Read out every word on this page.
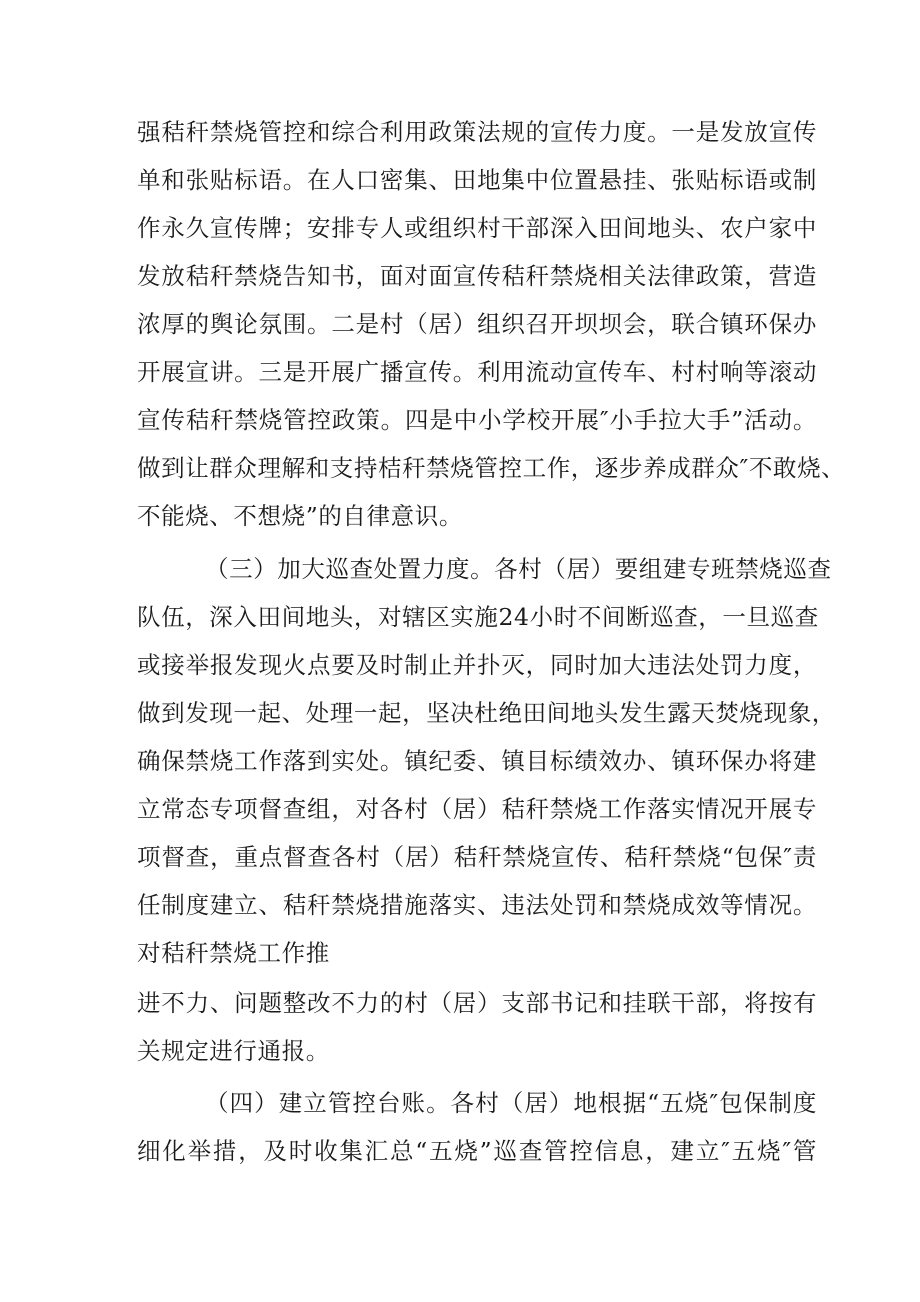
强秸秆禁烧管控和综合利用政策法规的宣传力度。一是发放宣传
单和张贴标语。在人口密集、田地集中位置悬挂、张贴标语或制
作永久宣传牌；安排专人或组织村干部深入田间地头、农户家中
发放秸秆禁烧告知书，面对面宣传秸秆禁烧相关法律政策，营造
浓厚的舆论氛围。二是村（居）组织召开坝坝会，联合镇环保办
开展宣讲。三是开展广播宣传。利用流动宣传车、村村响等滚动
宣传秸秆禁烧管控政策。四是中小学校开展″小手拉大手”活动。
做到让群众理解和支持桔秆禁烧管控工作，逐步养成群众″不敢烧、
不能烧、不想烧”的自律意识。
（三）加大巡查处置力度。各村（居）要组建专班禁烧巡查
队伍，深入田间地头，对辖区实施24小时不间断巡查，一旦巡查
或接举报发现火点要及时制止并扑灭，同时加大违法处罚力度，
做到发现一起、处理一起，坚决杜绝田间地头发生露天焚烧现象，
确保禁烧工作落到实处。镇纪委、镇目标绩效办、镇环保办将建
立常态专项督查组，对各村（居）秸秆禁烧工作落实情况开展专
项督查，重点督查各村（居）秸秆禁烧宣传、秸秆禁烧“包保″责
任制度建立、秸秆禁烧措施落实、违法处罚和禁烧成效等情况。
对秸秆禁烧工作推
进不力、问题整改不力的村（居）支部书记和挂联干部，将按有
关规定进行通报。
（四）建立管控台账。各村（居）地根据“五烧″包保制度
细化举措，及时收集汇总“五烧”巡查管控信息，建立″五烧″管
